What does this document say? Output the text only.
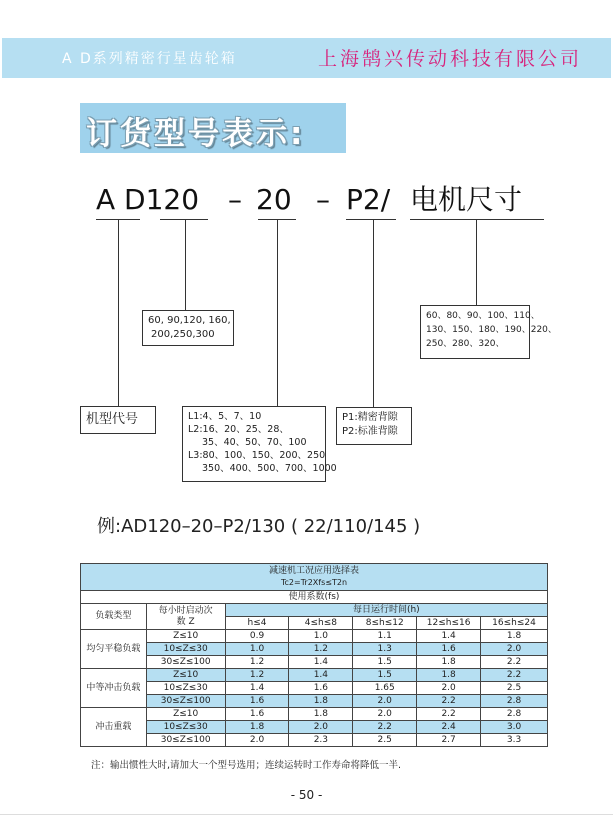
A D系列精密行星齿轮箱	上海鹄兴传动科技有限公司
订货型号表示:
A D120 – 20 – P2/ 电机尺寸
60, 90,120, 160,
200,250,300
60、80、90、100、110、
130、150、180、190、220、
250、280、320、
机型代号	L1:4、5、7、10
L2:16、20、25、28、
35、40、50、70、100
L3:80、100、150、200、250
350、400、500、700、1000
P1:精密背隙
P2:标准背隙
例:AD120–20–P2/130 ( 22/110/145 )
减速机工况应用选择表
Tc2=Tr2Xfs≤T2n						

使用系数(fs)						
负载类型	每小时启动次数 Z	每日运行时间(h)				
		h≤4	4≤h≤8	8≤h≤12	12≤h≤16	16≤h≤24
均匀平稳负载	Z≤10	0.9	1.0	1.1	1.4	1.8
	10≤Z≤30	1.0	1.2	1.3	1.6	2.0
	30≤Z≤100	1.2	1.4	1.5	1.8	2.2
中等冲击负载	Z≤10	1.2	1.4	1.5	1.8	2.2
	10≤Z≤30	1.4	1.6	1.65	2.0	2.5
	30≤Z≤100	1.6	1.8	2.0	2.2	2.8
冲击重载	Z≤10	1.6	1.8	2.0	2.2	2.8
	10≤Z≤30	1.8	2.0	2.2	2.4	3.0
	30≤Z≤100	2.0	2.3	2.5	2.7	3.3
注：输出惯性大时,请加大一个型号选用；连续运转时工作寿命将降低一半.
- 50 -
